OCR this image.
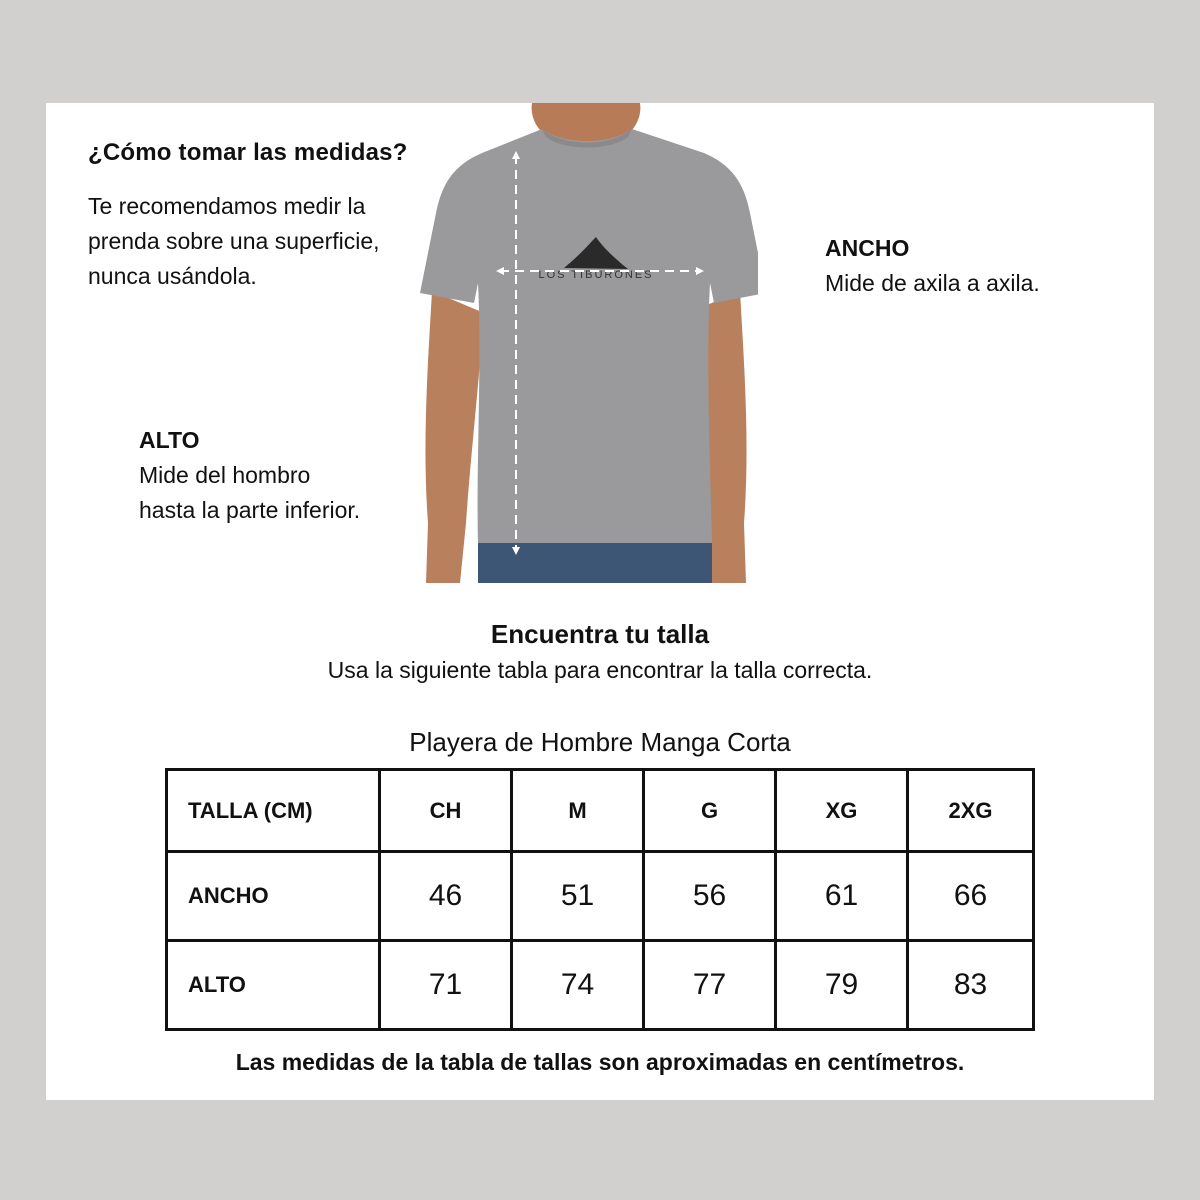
¿Cómo tomar las medidas?
Te recomendamos medir la
prenda sobre una superficie,
nunca usándola.
ANCHO
Mide de axila a axila.
ALTO
Mide del hombro
hasta la parte inferior.
LOS TIBURONES
Encuentra tu talla
Usa la siguiente tabla para encontrar la talla correcta.
Playera de Hombre Manga Corta
TALLA (CM)	CH	M	G	XG	2XG
ANCHO	46	51	56	61	66
ALTO	71	74	77	79	83
Las medidas de la tabla de tallas son aproximadas en centímetros.
